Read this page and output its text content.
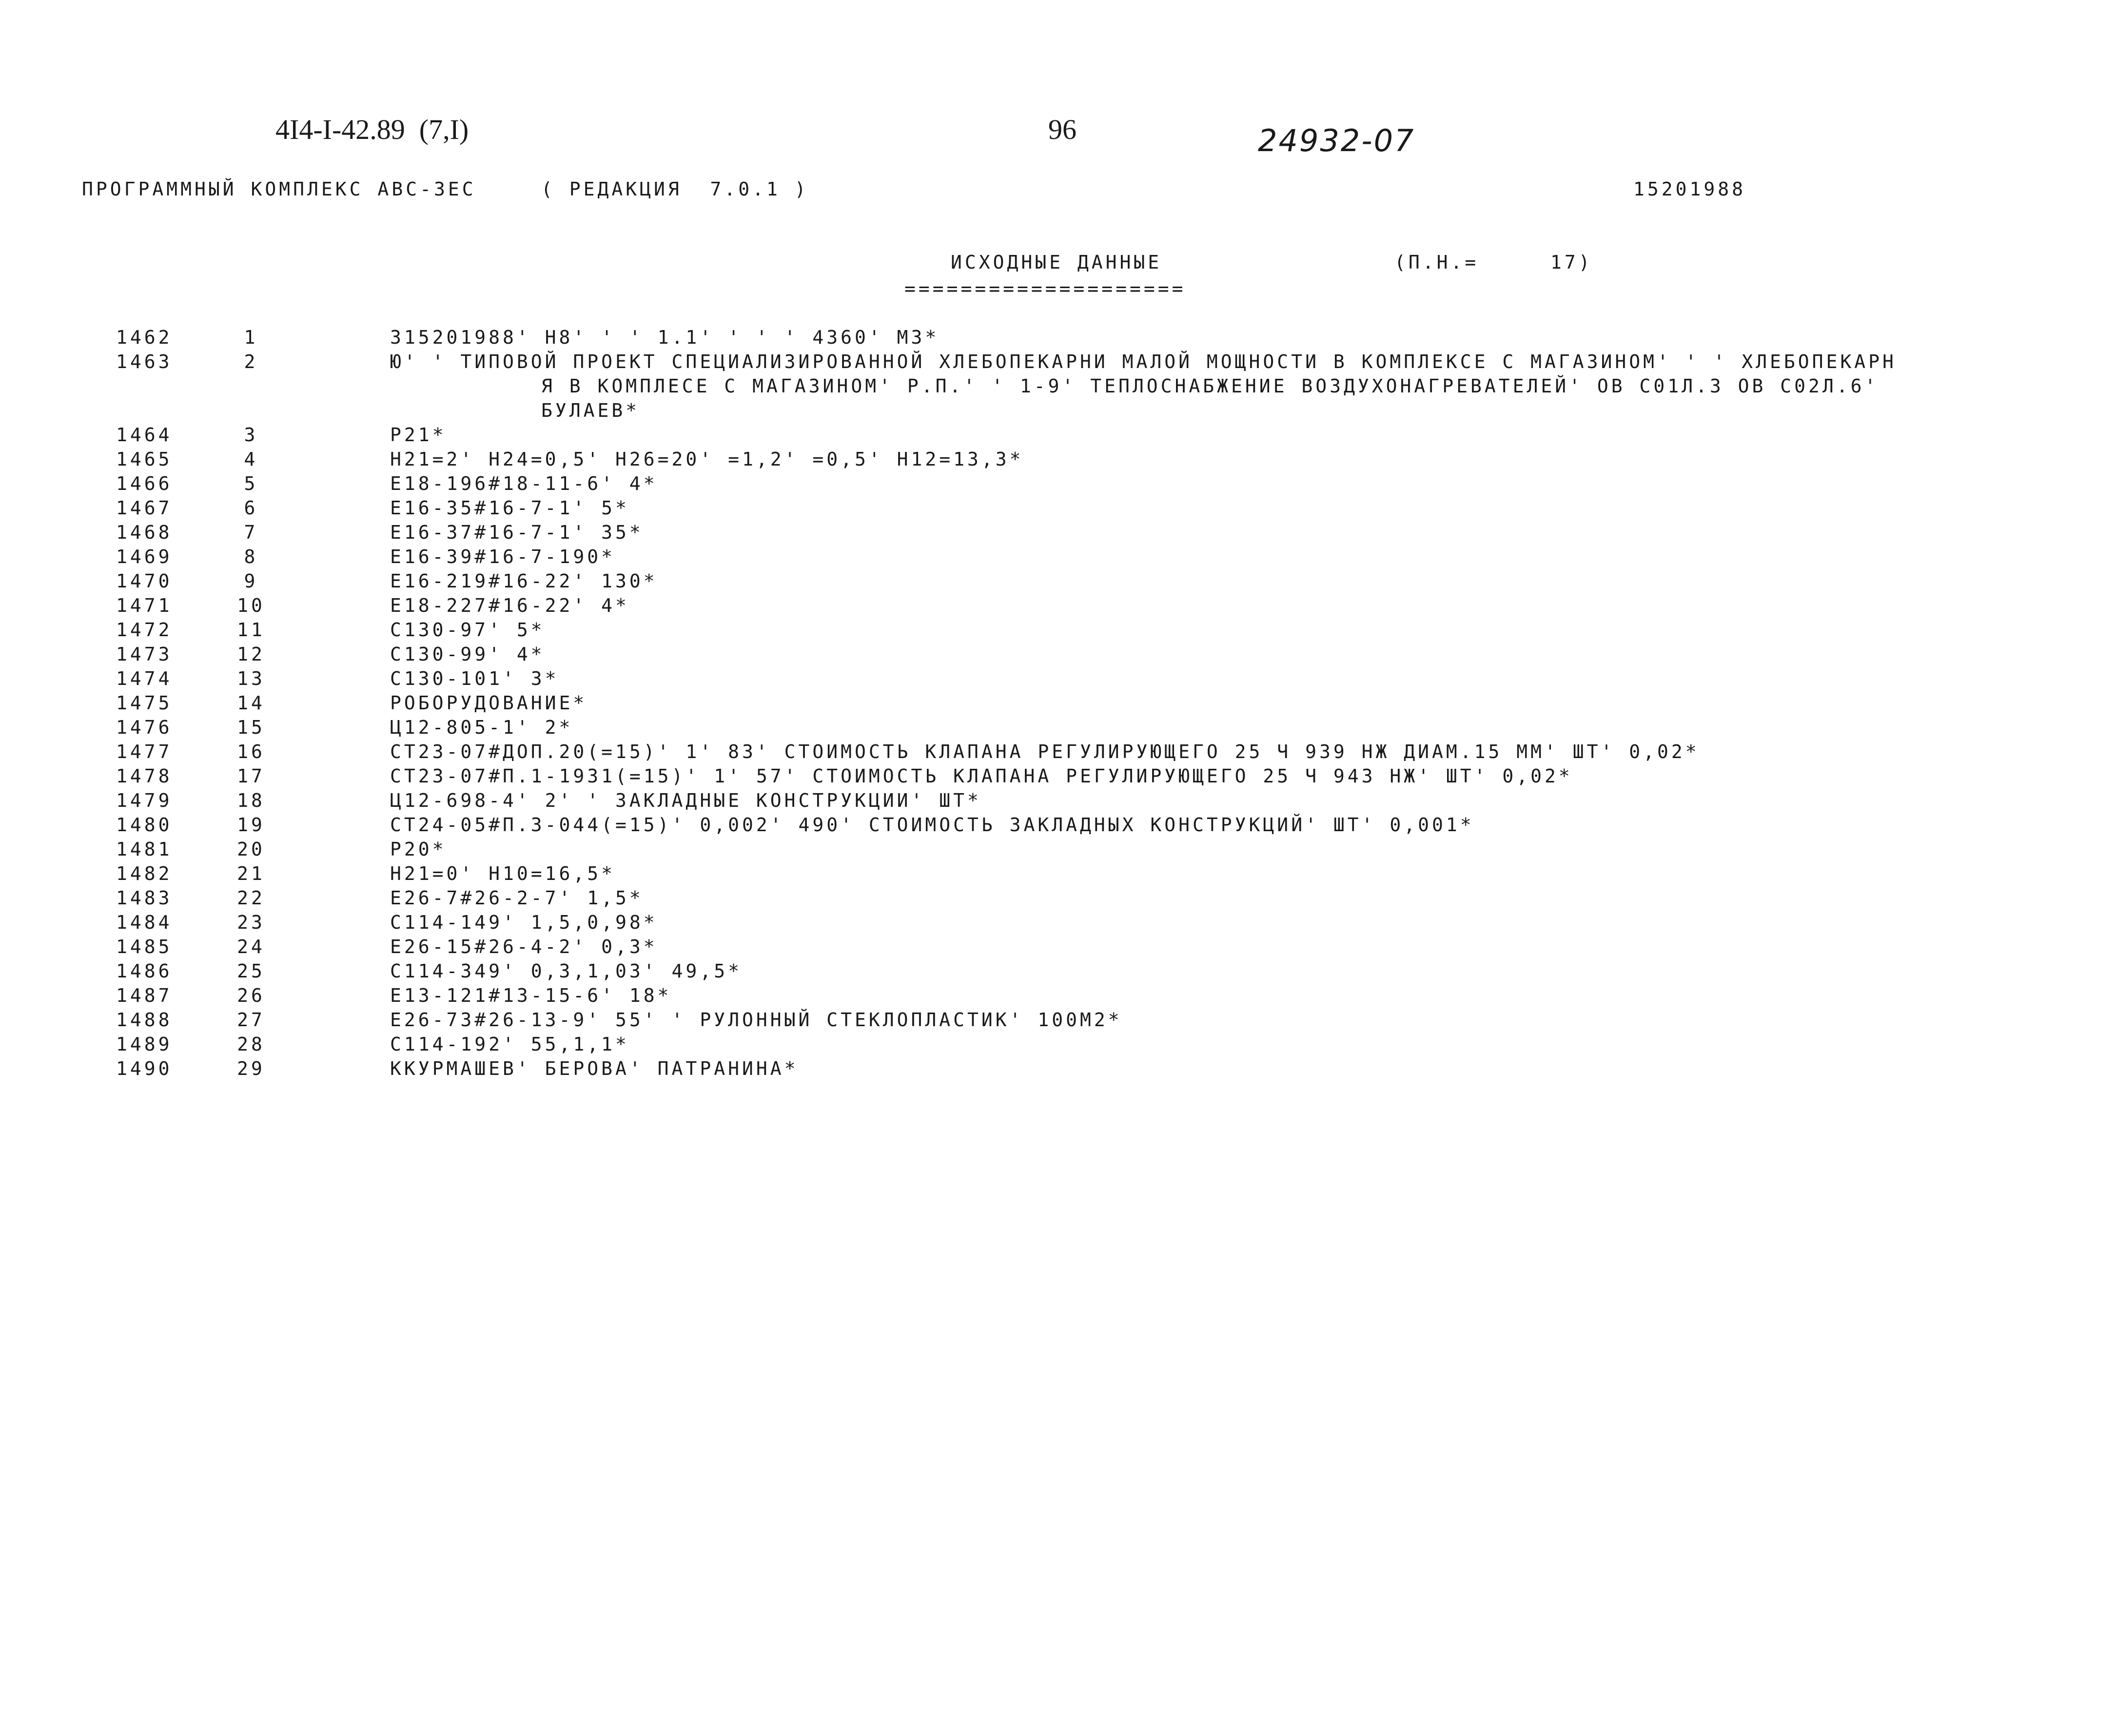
4I4-I-42.89  (7,I)	96	24932-07
ПРОГРАММНЫЙ КОМПЛЕКС АВС-3ЕС	( РЕДАКЦИЯ  7.0.1 )	15201988
ИСХОДНЫЕ ДАННЫЕ
====================
(П.Н.=	17)
1462	1	315201988' Н8' ' ' 1.1' ' ' ' 4360' М3*
1463	2	Ю' ' ТИПОВОЙ ПРОЕКТ СПЕЦИАЛИЗИРОВАННОЙ ХЛЕБОПЕКАРНИ МАЛОЙ МОЩНОСТИ В КОМПЛЕКСЕ С МАГАЗИНОМ' ' ' ХЛЕБОПЕКАРН
Я В КОМПЛЕСЕ С МАГАЗИНОМ' Р.П.' ' 1-9' ТЕПЛОСНАБЖЕНИЕ ВОЗДУХОНАГРЕВАТЕЛЕЙ' ОВ С01Л.3 ОВ С02Л.6'
БУЛАЕВ*
1464	3	Р21*
1465	4	Н21=2' Н24=0,5' Н26=20' =1,2' =0,5' Н12=13,3*
1466	5	Е18-196#18-11-6' 4*
1467	6	Е16-35#16-7-1' 5*
1468	7	Е16-37#16-7-1' 35*
1469	8	Е16-39#16-7-190*
1470	9	Е16-219#16-22' 130*
1471	10	Е18-227#16-22' 4*
1472	11	С130-97' 5*
1473	12	С130-99' 4*
1474	13	С130-101' 3*
1475	14	РОБОРУДОВАНИЕ*
1476	15	Ц12-805-1' 2*
1477	16	СТ23-07#ДОП.20(=15)' 1' 83' СТОИМОСТЬ КЛАПАНА РЕГУЛИРУЮЩЕГО 25 Ч 939 НЖ ДИАМ.15 ММ' ШТ' 0,02*
1478	17	СТ23-07#П.1-1931(=15)' 1' 57' СТОИМОСТЬ КЛАПАНА РЕГУЛИРУЮЩЕГО 25 Ч 943 НЖ' ШТ' 0,02*
1479	18	Ц12-698-4' 2' ' ЗАКЛАДНЫЕ КОНСТРУКЦИИ' ШТ*
1480	19	СТ24-05#П.3-044(=15)' 0,002' 490' СТОИМОСТЬ ЗАКЛАДНЫХ КОНСТРУКЦИЙ' ШТ' 0,001*
1481	20	Р20*
1482	21	Н21=0' Н10=16,5*
1483	22	Е26-7#26-2-7' 1,5*
1484	23	С114-149' 1,5,0,98*
1485	24	Е26-15#26-4-2' 0,3*
1486	25	С114-349' 0,3,1,03' 49,5*
1487	26	Е13-121#13-15-6' 18*
1488	27	Е26-73#26-13-9' 55' ' РУЛОННЫЙ СТЕКЛОПЛАСТИК' 100М2*
1489	28	С114-192' 55,1,1*
1490	29	ККУРМАШЕВ' БЕРОВА' ПАТРАНИНА*
